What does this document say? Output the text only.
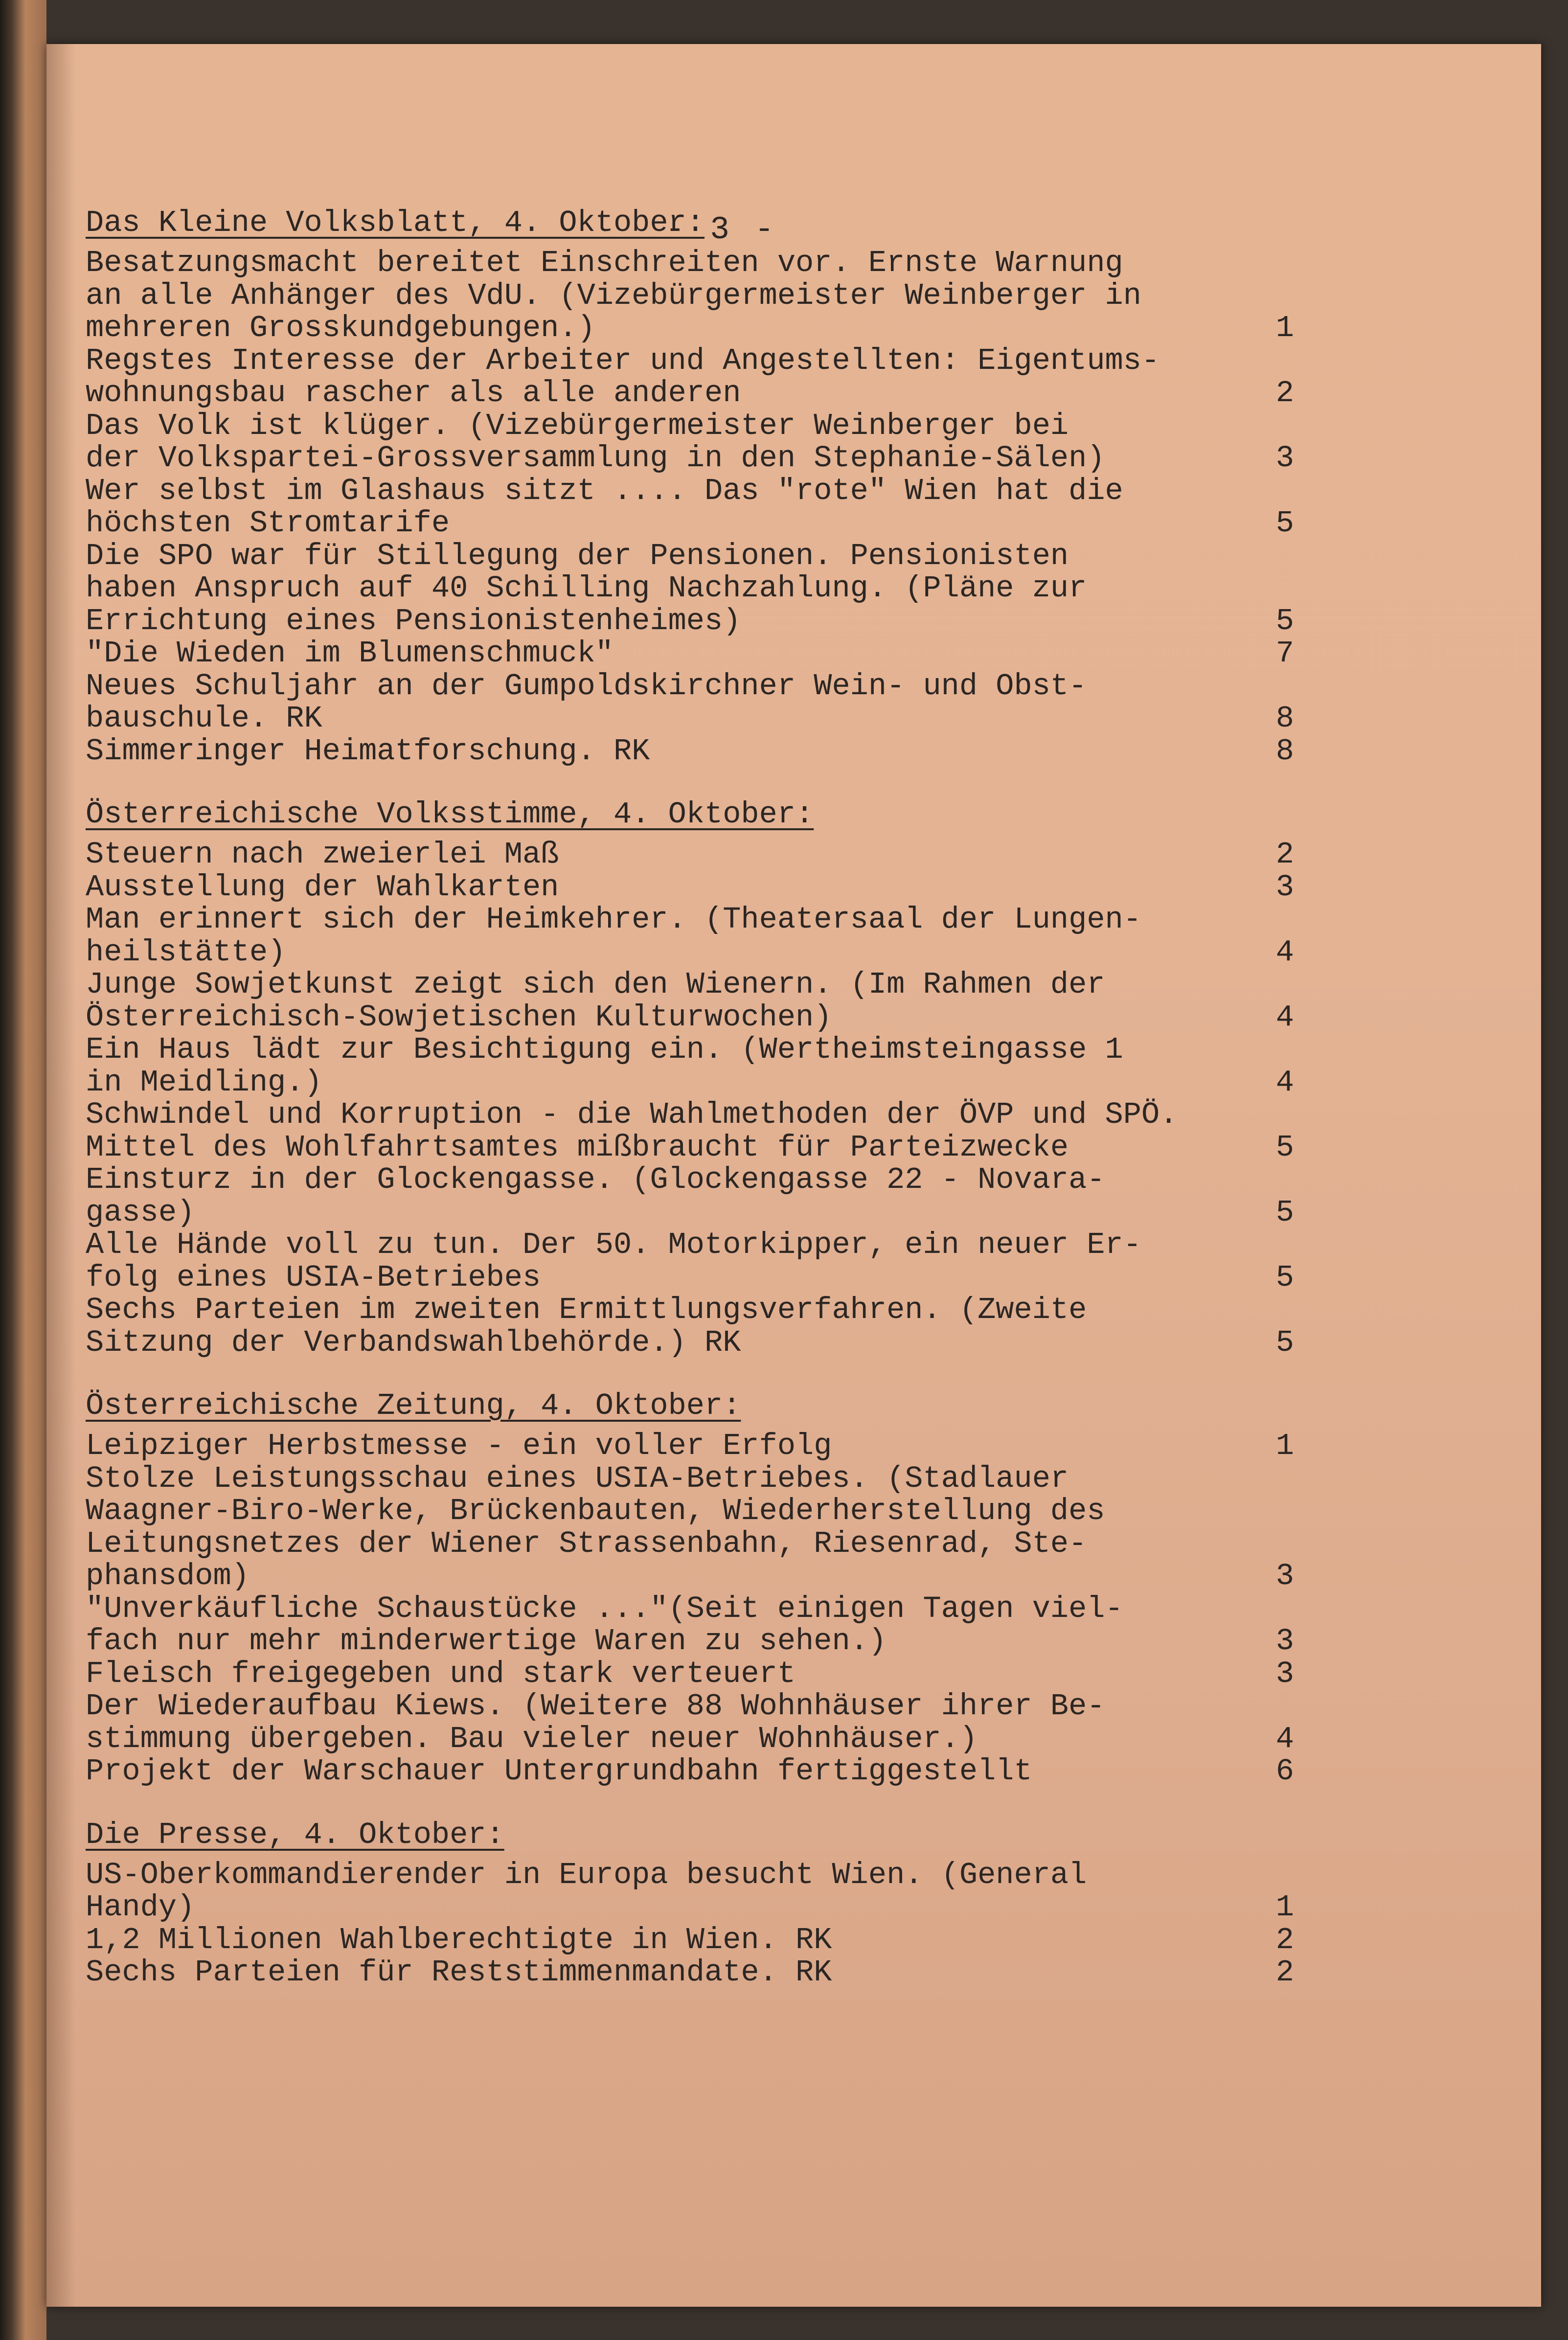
- 3 -
Das Kleine Volksblatt, 4. Oktober:
Besatzungsmacht bereitet Einschreiten vor. Ernste Warnung
an alle Anhänger des VdU. (Vizebürgermeister Weinberger in
mehreren Grosskundgebungen.)	1
Regstes Interesse der Arbeiter und Angestellten: Eigentums-
wohnungsbau rascher als alle anderen	2
Das Volk ist klüger. (Vizebürgermeister Weinberger bei
der Volkspartei-Grossversammlung in den Stephanie-Sälen)	3
Wer selbst im Glashaus sitzt .... Das "rote" Wien hat die
höchsten Stromtarife	5
Die SPO war für Stillegung der Pensionen. Pensionisten
haben Anspruch auf 40 Schilling Nachzahlung. (Pläne zur
Errichtung eines Pensionistenheimes)	5
"Die Wieden im Blumenschmuck"	7
Neues Schuljahr an der Gumpoldskirchner Wein- und Obst-
bauschule. RK	8
Simmeringer Heimatforschung. RK	8
Österreichische Volksstimme, 4. Oktober:
Steuern nach zweierlei Maß	2
Ausstellung der Wahlkarten	3
Man erinnert sich der Heimkehrer. (Theatersaal der Lungen-
heilstätte)	4
Junge Sowjetkunst zeigt sich den Wienern. (Im Rahmen der
Österreichisch-Sowjetischen Kulturwochen)	4
Ein Haus lädt zur Besichtigung ein. (Wertheimsteingasse 1
in Meidling.)	4
Schwindel und Korruption - die Wahlmethoden der ÖVP und SPÖ.
Mittel des Wohlfahrtsamtes mißbraucht für Parteizwecke	5
Einsturz in der Glockengasse. (Glockengasse 22 - Novara-
gasse)	5
Alle Hände voll zu tun. Der 50. Motorkipper, ein neuer Er-
folg eines USIA-Betriebes	5
Sechs Parteien im zweiten Ermittlungsverfahren. (Zweite
Sitzung der Verbandswahlbehörde.) RK	5
Österreichische Zeitung, 4. Oktober:
Leipziger Herbstmesse - ein voller Erfolg	1
Stolze Leistungsschau eines USIA-Betriebes. (Stadlauer
Waagner-Biro-Werke, Brückenbauten, Wiederherstellung des
Leitungsnetzes der Wiener Strassenbahn, Riesenrad, Ste-
phansdom)	3
"Unverkäufliche Schaustücke ..."(Seit einigen Tagen viel-
fach nur mehr minderwertige Waren zu sehen.)	3
Fleisch freigegeben und stark verteuert	3
Der Wiederaufbau Kiews. (Weitere 88 Wohnhäuser ihrer Be-
stimmung übergeben. Bau vieler neuer Wohnhäuser.)	4
Projekt der Warschauer Untergrundbahn fertiggestellt	6
Die Presse, 4. Oktober:
US-Oberkommandierender in Europa besucht Wien. (General
Handy)	1
1,2 Millionen Wahlberechtigte in Wien. RK	2
Sechs Parteien für Reststimmenmandate. RK	2
